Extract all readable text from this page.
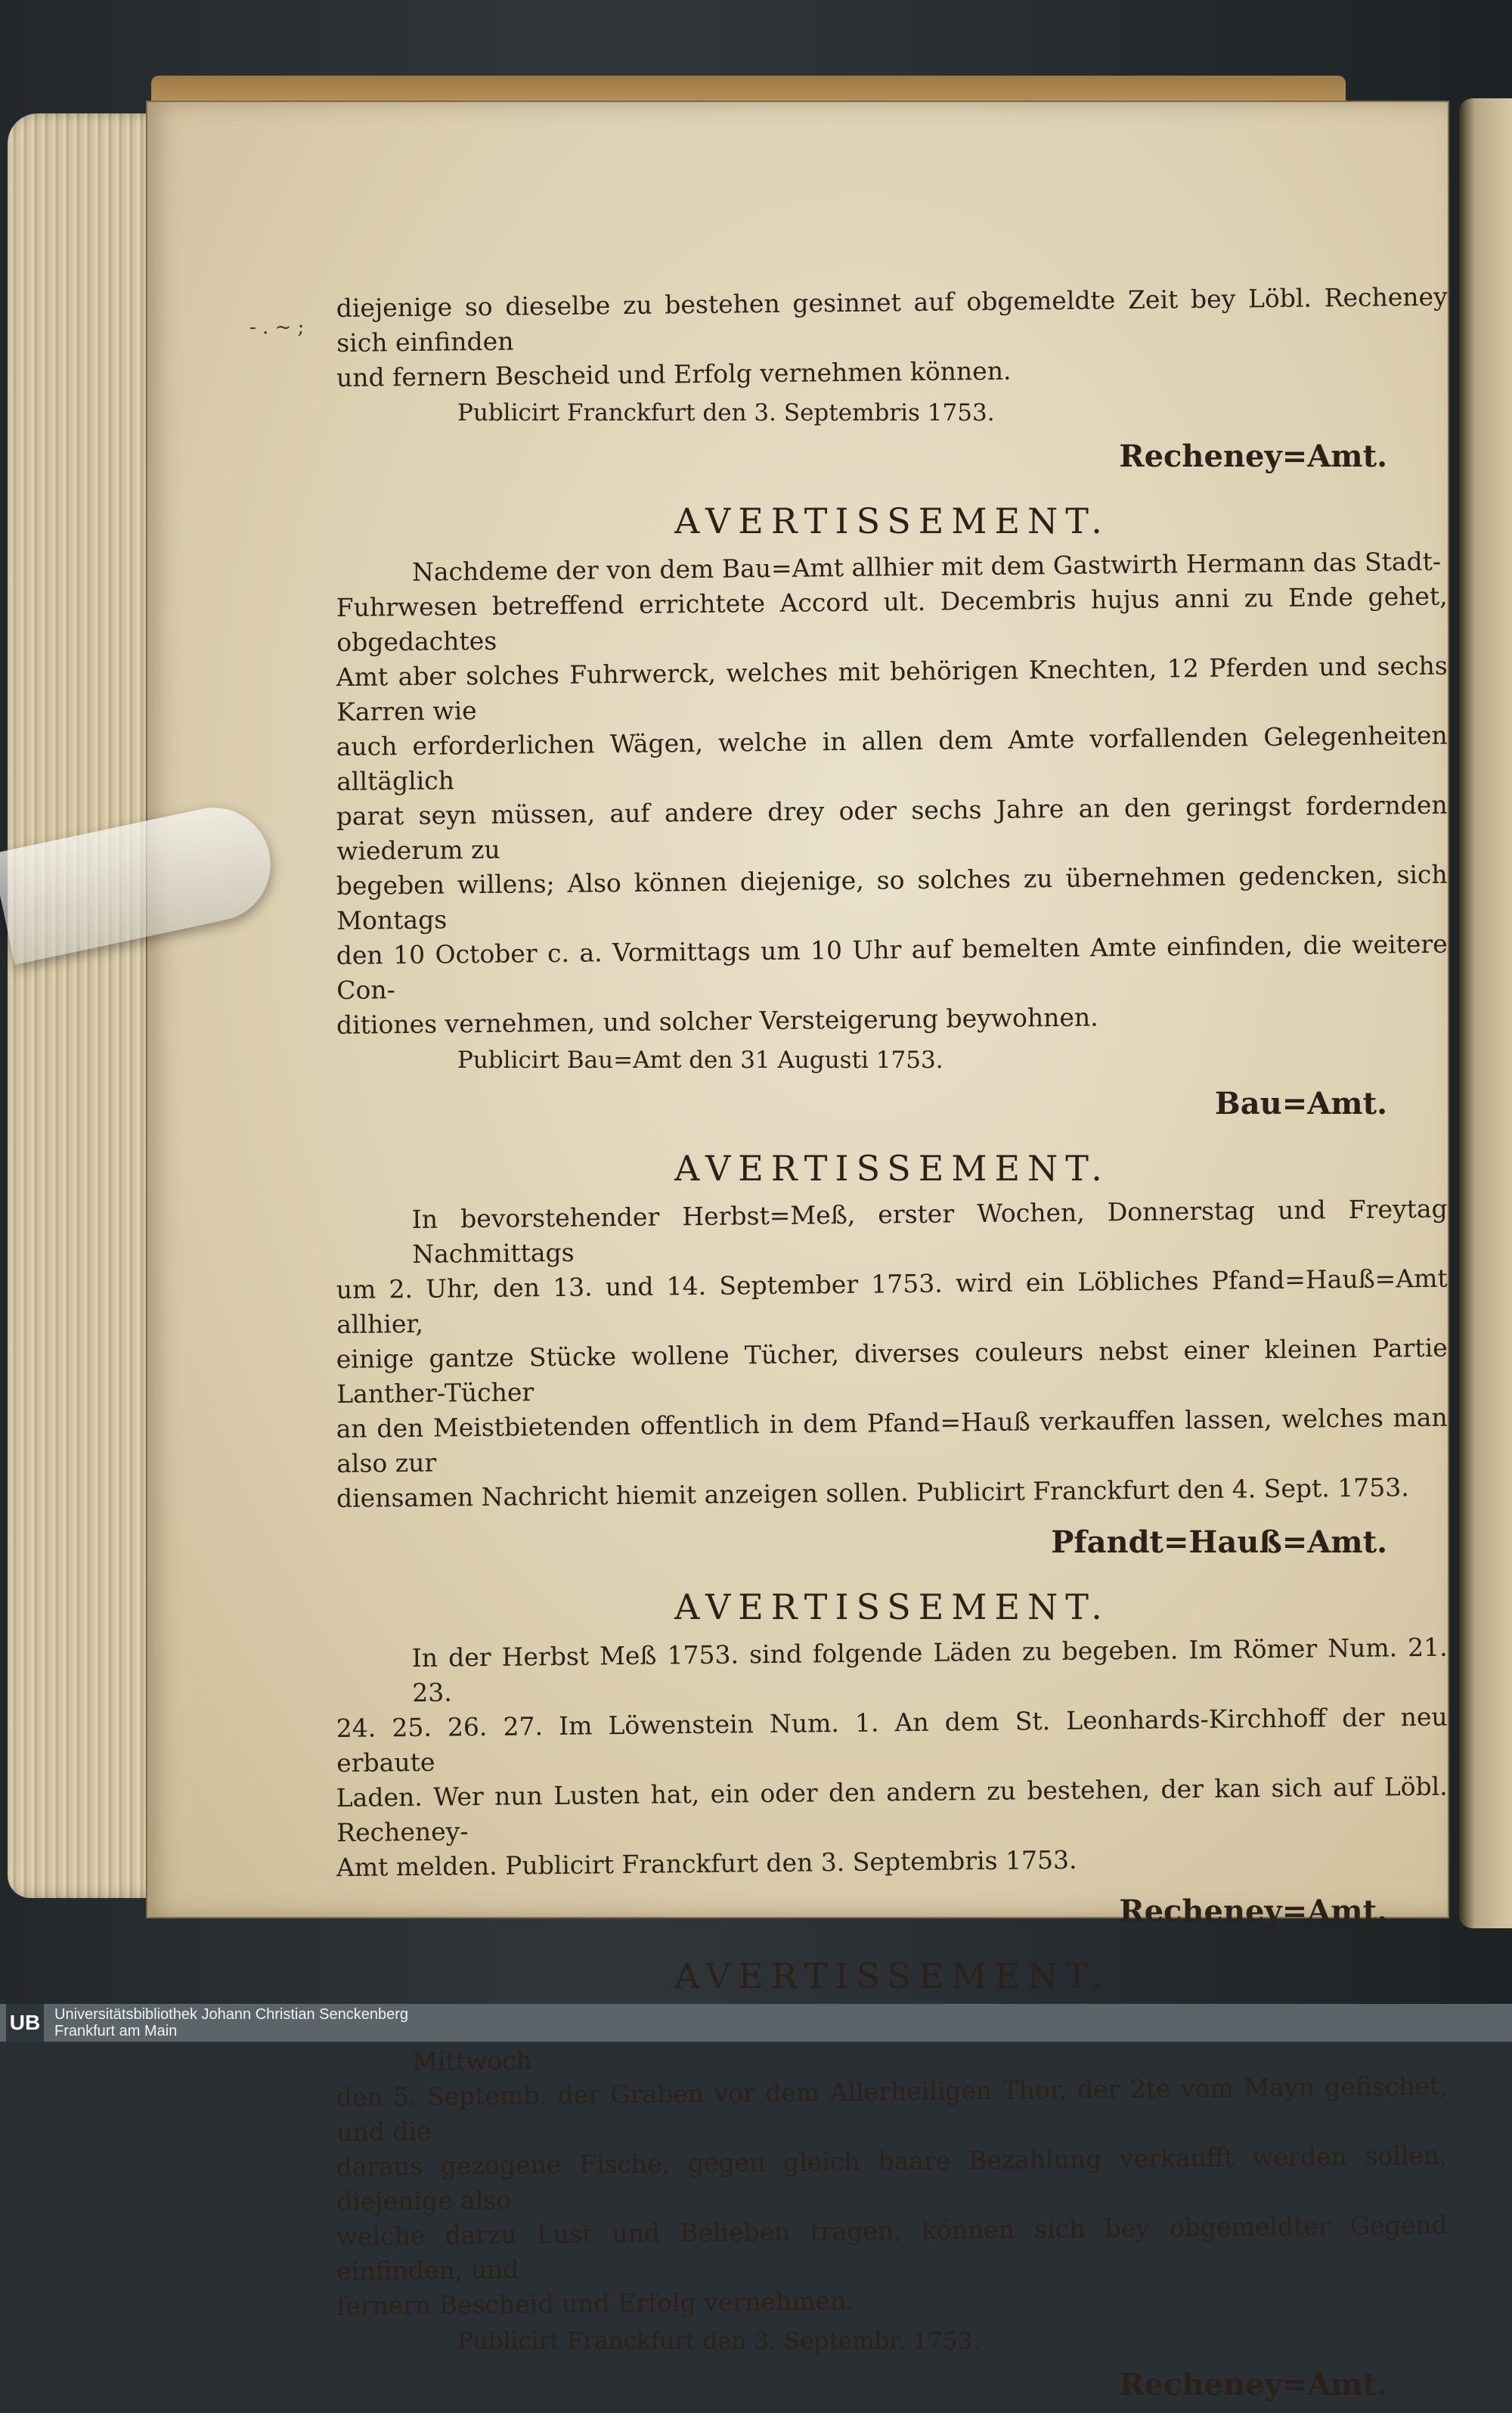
- . ~ ;

diejenige so dieselbe zu bestehen gesinnet auf obgemeldte Zeit bey Löbl. Recheney sich einfinden

und fernern Bescheid und Erfolg vernehmen können.

Publicirt Franckfurt den 3. Septembris 1753.

Recheney=Amt.
AVERTISSEMENT.

Nachdeme der von dem Bau=Amt allhier mit dem Gastwirth Hermann das Stadt-

Fuhrwesen betreffend errichtete Accord ult. Decembris hujus anni zu Ende gehet, obgedachtes

Amt aber solches Fuhrwerck, welches mit behörigen Knechten, 12 Pferden und sechs Karren wie

auch erforderlichen Wägen, welche in allen dem Amte vorfallenden Gelegenheiten alltäglich

parat seyn müssen, auf andere drey oder sechs Jahre an den geringst fordernden wiederum zu

begeben willens; Also können diejenige, so solches zu übernehmen gedencken, sich Montags

den 10 October c. a. Vormittags um 10 Uhr auf bemelten Amte einfinden, die weitere Con-

ditiones vernehmen, und solcher Versteigerung beywohnen.

Publicirt Bau=Amt den 31 Augusti 1753.

Bau=Amt.
AVERTISSEMENT.

In bevorstehender Herbst=Meß, erster Wochen, Donnerstag und Freytag Nachmittags

um 2. Uhr, den 13. und 14. September 1753. wird ein Löbliches Pfand=Hauß=Amt allhier,

einige gantze Stücke wollene Tücher, diverses couleurs nebst einer kleinen Partie Lanther-Tücher

an den Meistbietenden offentlich in dem Pfand=Hauß verkauffen lassen, welches man also zur

diensamen Nachricht hiemit anzeigen sollen. Publicirt Franckfurt den 4. Sept. 1753.

Pfandt=Hauß=Amt.
AVERTISSEMENT.

In der Herbst Meß 1753. sind folgende Läden zu begeben. Im Römer Num. 21. 23.

24. 25. 26. 27. Im Löwenstein Num. 1. An dem St. Leonhards-Kirchhoff der neu erbaute

Laden. Wer nun Lusten hat, ein oder den andern zu bestehen, der kan sich auf Löbl. Recheney-

Amt melden. Publicirt Franckfurt den 3. Septembris 1753.

Recheney=Amt.
AVERTISSEMENT.

Mittwoch

den 5. Septemb. der Graben vor dem Allerheiligen Thor, der 2te vom Mayn gefischet, und die

daraus gezogene Fische, gegen gleich baare Bezahlung verkaufft werden sollen, diejenige also

welche darzu Lust und Belieben tragen, können sich bey obgemeldter Gegend einfinden, und

fernern Bescheid und Erfolg vernehmen.

Publicirt Franckfurt den 3. Septembr. 1753.

Recheney=Amt.
UB Universitätsbibliothek Johann Christian Senckenberg
Frankfurt am Main
